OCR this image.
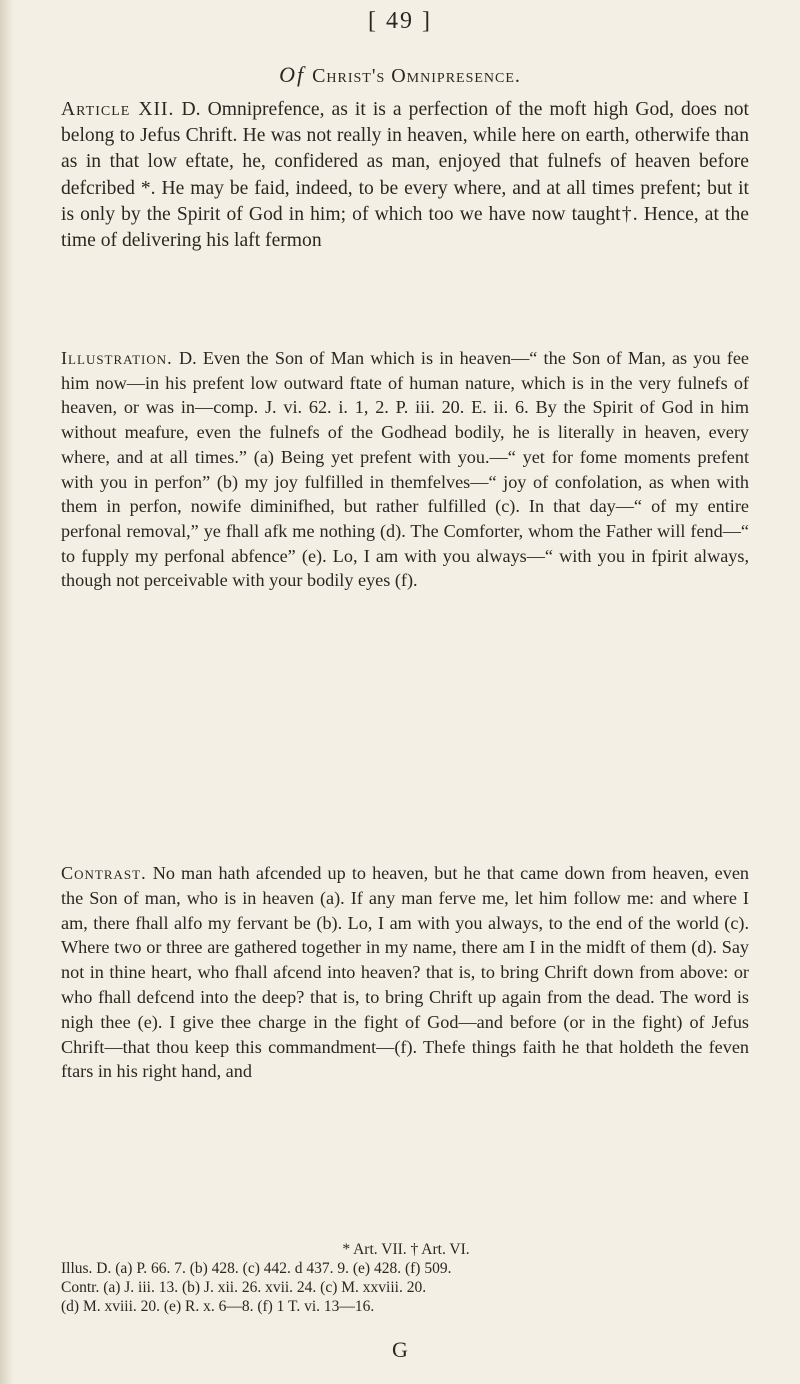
[ 49 ]
Of Christ's Omnipresence.
Article XII. D. Omniprefence, as it is a perfection of the moft high God, does not belong to Jefus Chrift. He was not really in heaven, while here on earth, otherwife than as in that low eftate, he, confidered as man, enjoyed that fulnefs of heaven before defcribed *. He may be faid, indeed, to be every where, and at all times prefent; but it is only by the Spirit of God in him; of which too we have now taught†. Hence, at the time of delivering his laft fermon
Illustration. D. Even the Son of Man which is in heaven—“ the Son of Man, as you fee him now—in his prefent low outward ftate of human nature, which is in the very fulnefs of heaven, or was in—comp. J. vi. 62. i. 1, 2. P. iii. 20. E. ii. 6. By the Spirit of God in him without meafure, even the fulnefs of the Godhead bodily, he is literally in heaven, every where, and at all times.” (a) Being yet prefent with you.—“ yet for fome moments prefent with you in perfon” (b) my joy fulfilled in themfelves—“ joy of confolation, as when with them in perfon, nowife diminifhed, but rather fulfilled (c). In that day—“ of my entire perfonal removal,” ye fhall afk me nothing (d). The Comforter, whom the Father will fend—“ to fupply my perfonal abfence” (e). Lo, I am with you always—“ with you in fpirit always, though not perceivable with your bodily eyes (f).
Contrast. No man hath afcended up to heaven, but he that came down from heaven, even the Son of man, who is in heaven (a). If any man ferve me, let him follow me: and where I am, there fhall alfo my fervant be (b). Lo, I am with you always, to the end of the world (c). Where two or three are gathered together in my name, there am I in the midft of them (d). Say not in thine heart, who fhall afcend into heaven? that is, to bring Chrift down from above: or who fhall defcend into the deep? that is, to bring Chrift up again from the dead. The word is nigh thee (e). I give thee charge in the fight of God—and before (or in the fight) of Jefus Chrift—that thou keep this commandment—(f). Thefe things faith he that holdeth the feven ftars in his right hand, and
* Art. VII. † Art. VI.
Illus. D. (a) P. 66. 7. (b) 428. (c) 442. d 437. 9. (e) 428. (f) 509.
Contr. (a) J. iii. 13. (b) J. xii. 26. xvii. 24. (c) M. xxviii. 20.
(d) M. xviii. 20. (e) R. x. 6—8. (f) 1 T. vi. 13—16.
G
